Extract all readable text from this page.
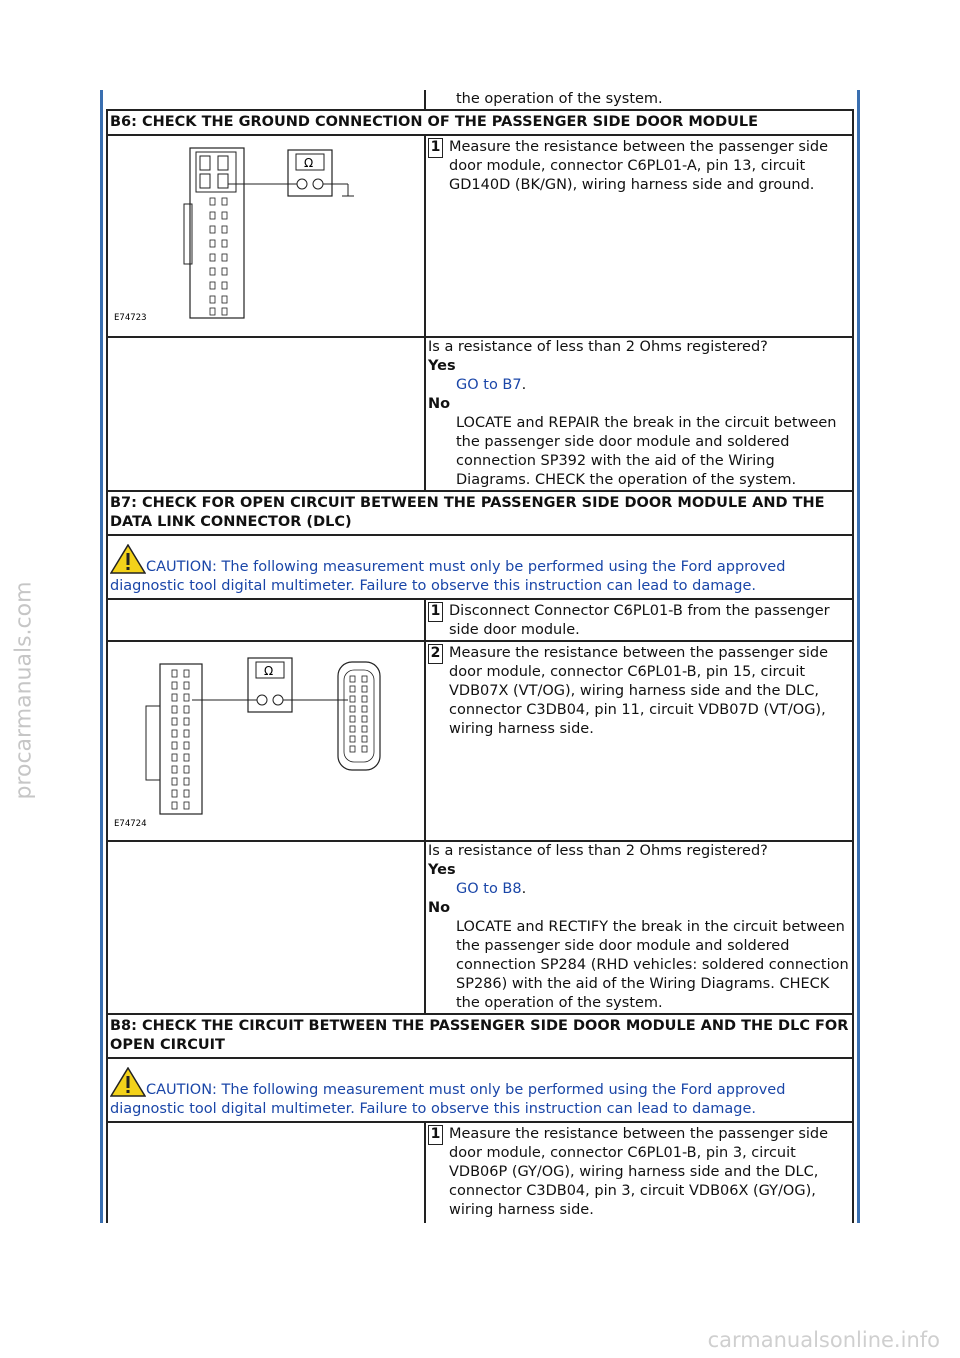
procarmanuals.com
carmanualsonline.info
	the operation of the system.
B6: CHECK THE GROUND CONNECTION OF THE PASSENGER SIDE DOOR MODULE	

Ω
E74723	1 Measure the resistance between the passenger side door module, connector C6PL01-A, pin 13, circuit GD140D (BK/GN), wiring harness side and ground.

	Is a resistance of less than 2 Ohms registered?
Yes
GO to B7.
No
LOCATE and REPAIR the break in the circuit between the passenger side door module and soldered connection SP392 with the aid of the Wiring Diagrams. CHECK the operation of the system.

B7: CHECK FOR OPEN CIRCUIT BETWEEN THE PASSENGER SIDE DOOR MODULE AND THE DATA LINK CONNECTOR (DLC)	
CAUTION: The following measurement must only be performed using the Ford approved diagnostic tool digital multimeter. Failure to observe this instruction can lead to damage.	

	1 Disconnect Connector C6PL01-B from the passenger side door module.

Ω
E74724	2 Measure the resistance between the passenger side door module, connector C6PL01-B, pin 15, circuit VDB07X (VT/OG), wiring harness side and the DLC, connector C3DB04, pin 11, circuit VDB07D (VT/OG), wiring harness side.

	Is a resistance of less than 2 Ohms registered?
Yes
GO to B8.
No
LOCATE and RECTIFY the break in the circuit between the passenger side door module and soldered connection SP284 (RHD vehicles: soldered connection SP286) with the aid of the Wiring Diagrams. CHECK the operation of the system.

B8: CHECK THE CIRCUIT BETWEEN THE PASSENGER SIDE DOOR MODULE AND THE DLC FOR OPEN CIRCUIT	
CAUTION: The following measurement must only be performed using the Ford approved diagnostic tool digital multimeter. Failure to observe this instruction can lead to damage.	

	1 Measure the resistance between the passenger side door module, connector C6PL01-B, pin 3, circuit VDB06P (GY/OG), wiring harness side and the DLC, connector C3DB04, pin 3, circuit VDB06X (GY/OG), wiring harness side.
